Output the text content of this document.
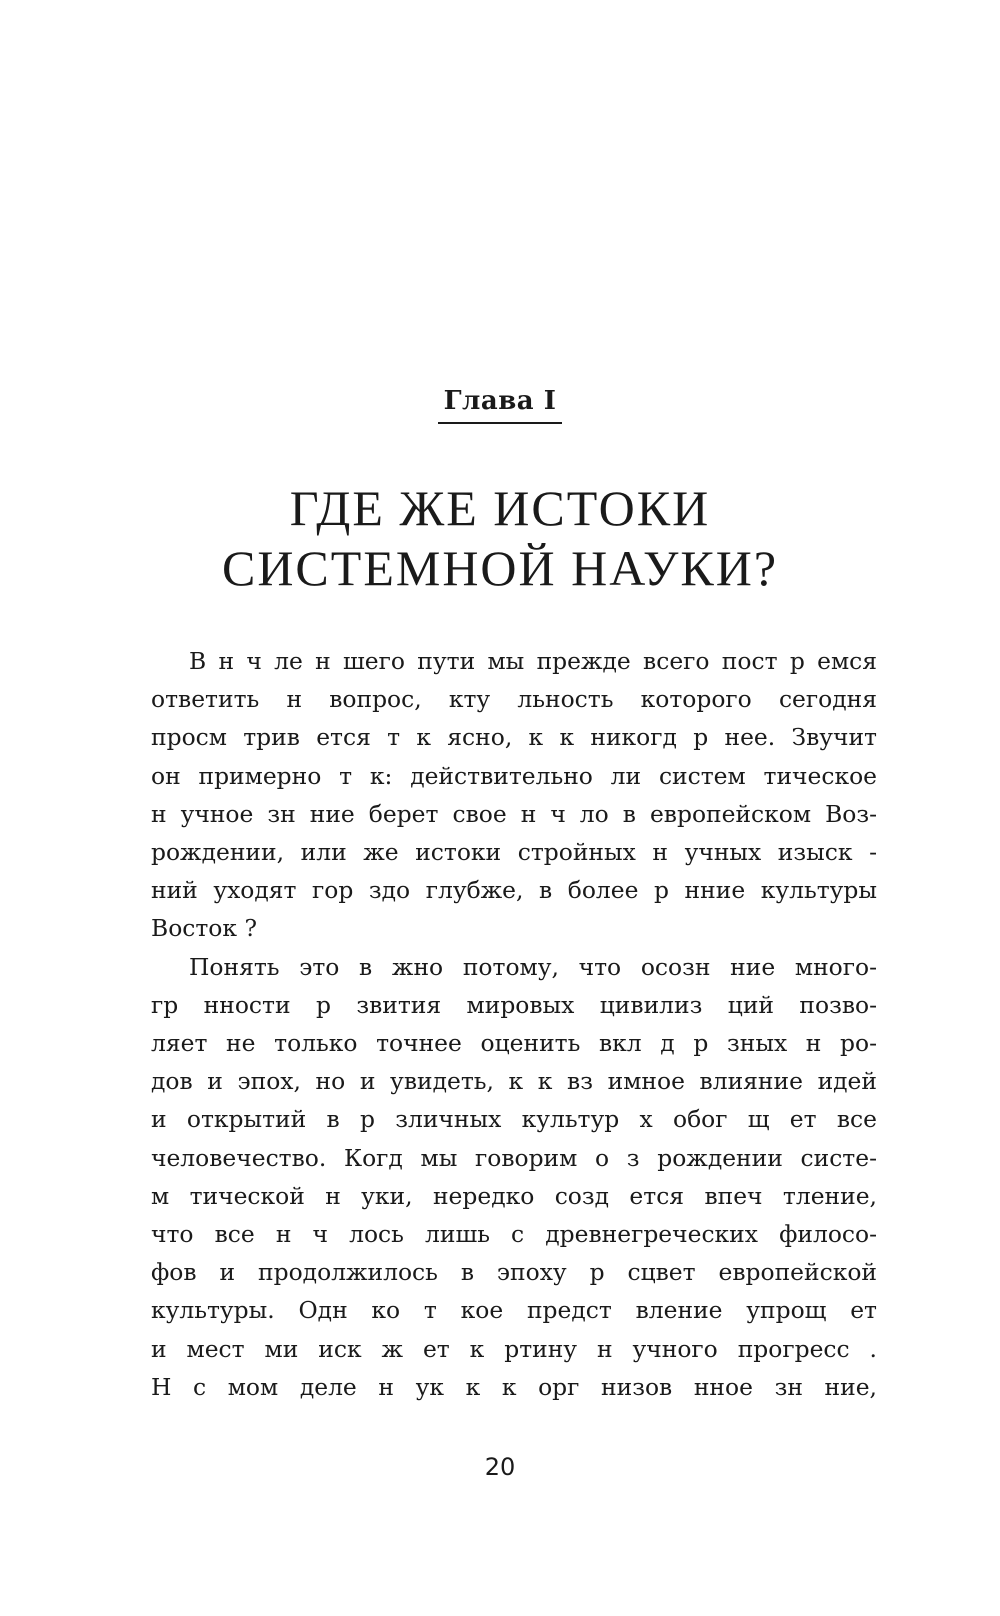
Глава I
ГДЕ ЖЕ ИСТОКИ
СИСТЕМНОЙ НАУКИ?
В н ч ле н шего пути мы прежде всего пост р емся
ответить н вопрос, кту льность которого сегодня
просм трив ется т к ясно, к к никогд р нее. Звучит
он примерно т к: действительно ли систем тическое
н учное зн ние берет свое н ч ло в европейском Воз-
рождении, или же истоки стройных н учных изыск -
ний уходят гор здо глубже, в более р нние культуры
Восток ?
Понять это в жно потому, что осозн ние много-
гр нности р звития мировых цивилиз ций позво-
ляет не только точнее оценить вкл д р зных н ро-
дов и эпох, но и увидеть, к к вз имное влияние идей
и открытий в р зличных культур х обог щ ет все
человечество. Когд мы говорим о з рождении систе-
м тической н уки, нередко созд ется впеч тление,
что все н ч лось лишь с древнегреческих филосо-
фов и продолжилось в эпоху р сцвет европейской
культуры. Одн ко т кое предст вление упрощ ет
и мест ми иск ж ет к ртину н учного прогресс .
Н с мом деле н ук к к орг низов нное зн ние,
20
